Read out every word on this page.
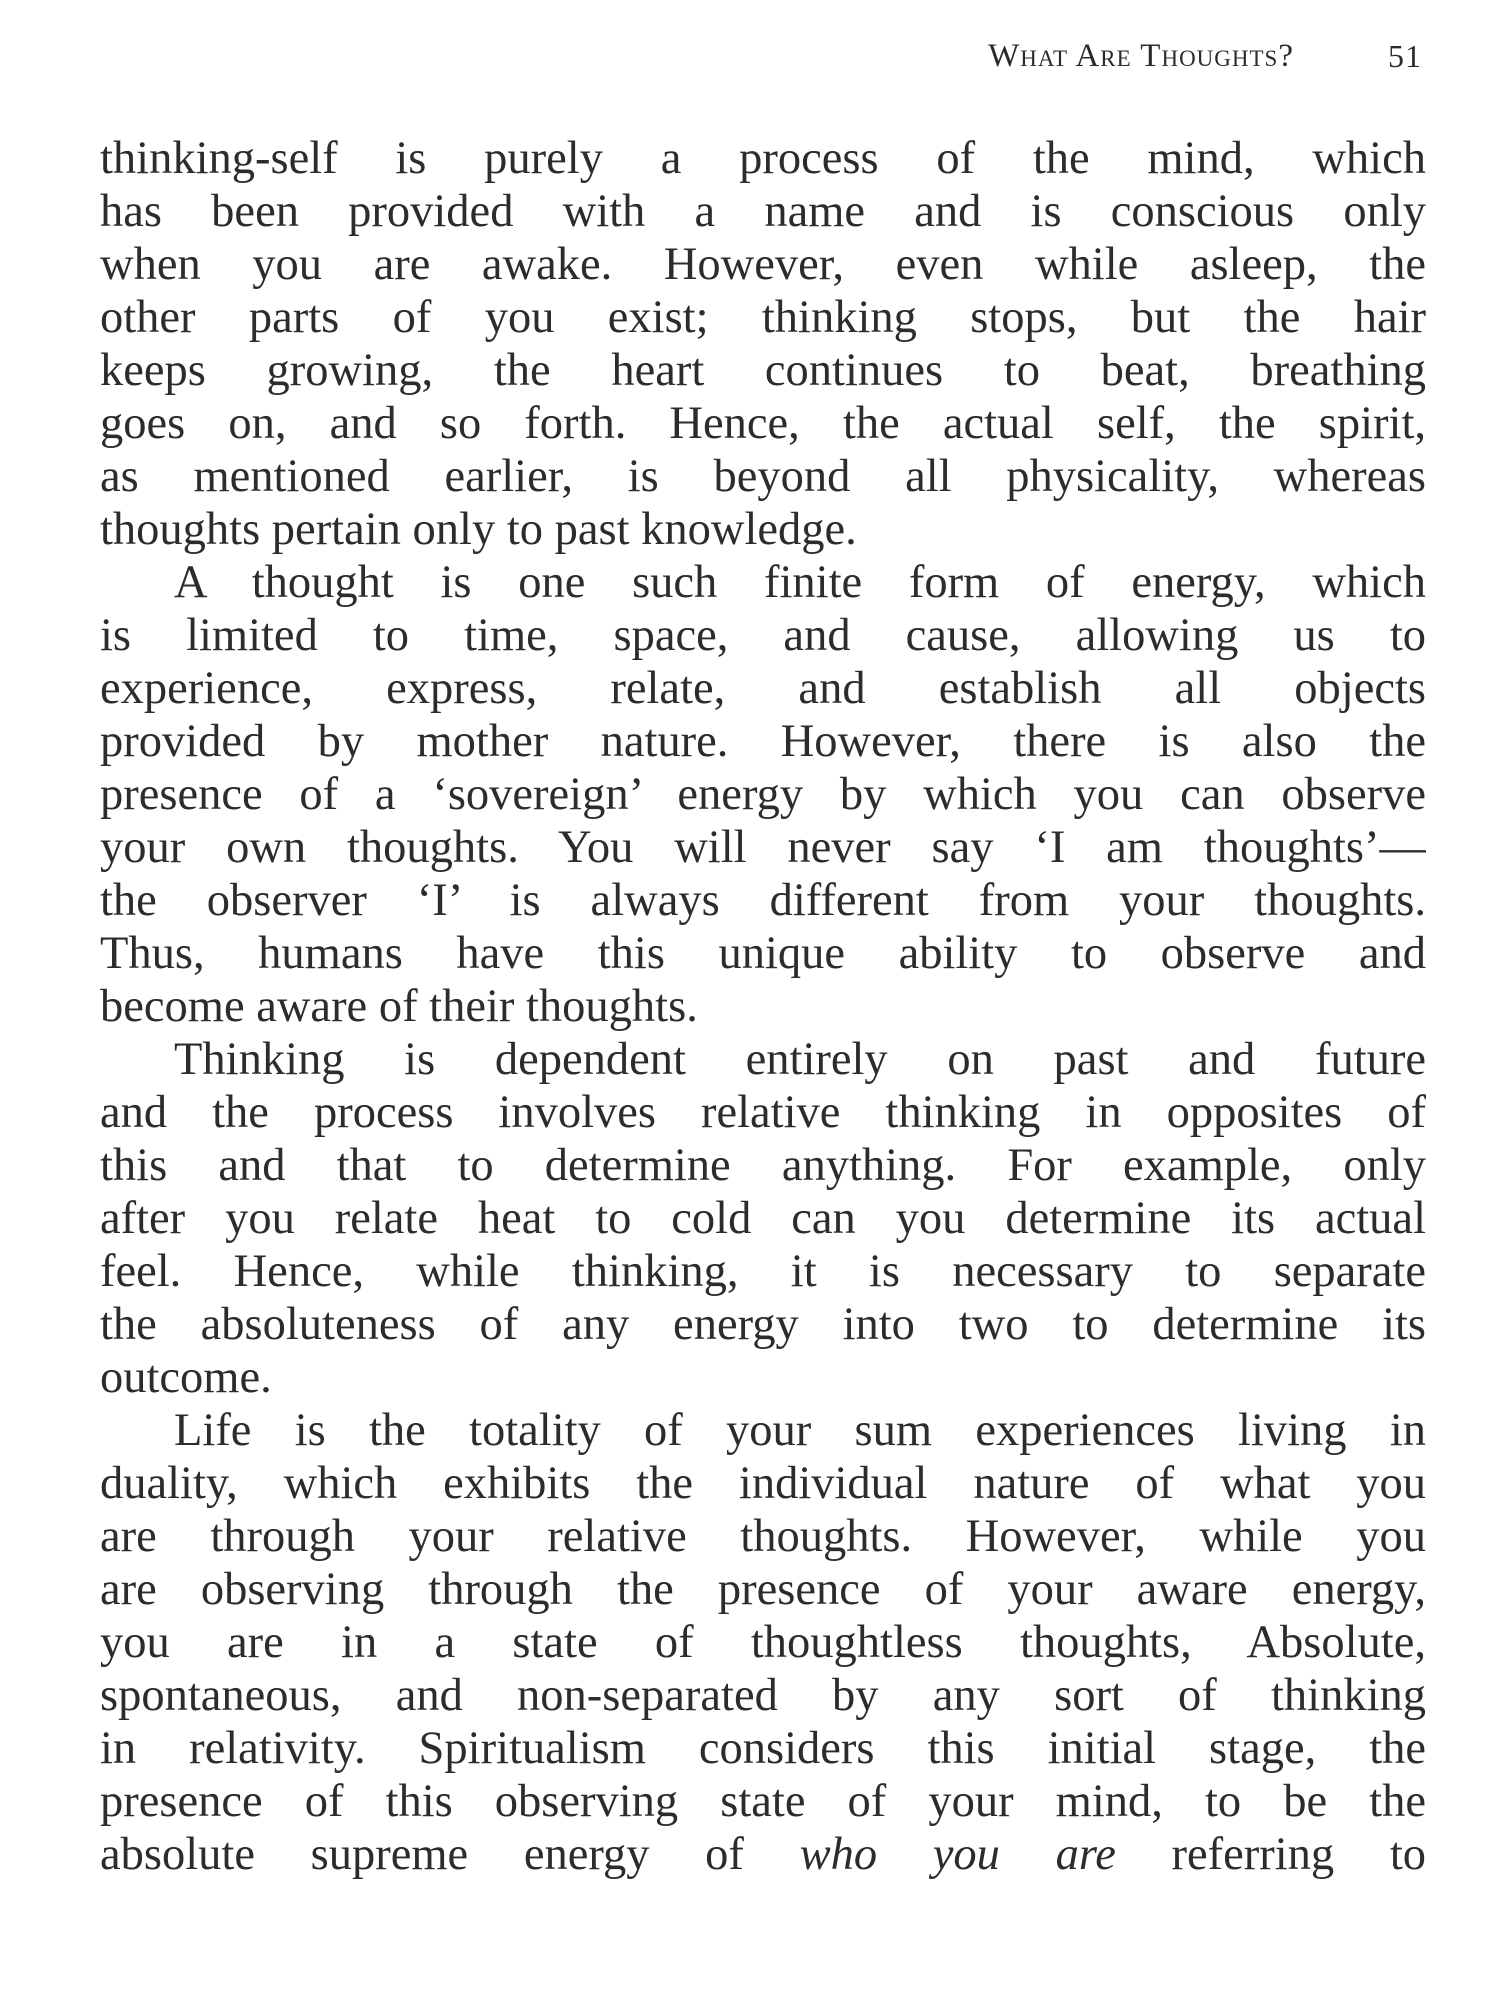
What Are Thoughts?	51

thinking-self is purely a process of the mind, which
has been provided with a name and is conscious only
when you are awake. However, even while asleep, the
other parts of you exist; thinking stops, but the hair
keeps growing, the heart continues to beat, breathing
goes on, and so forth. Hence, the actual self, the spirit,
as mentioned earlier, is beyond all physicality, whereas
thoughts pertain only to past knowledge.

A thought is one such finite form of energy, which
is limited to time, space, and cause, allowing us to
experience, express, relate, and establish all objects
provided by mother nature. However, there is also the
presence of a ‘sovereign’ energy by which you can observe
your own thoughts. You will never say ‘I am thoughts’—
the observer ‘I’ is always different from your thoughts.
Thus, humans have this unique ability to observe and
become aware of their thoughts.

Thinking is dependent entirely on past and future
and the process involves relative thinking in opposites of
this and that to determine anything. For example, only
after you relate heat to cold can you determine its actual
feel. Hence, while thinking, it is necessary to separate
the absoluteness of any energy into two to determine its
outcome.

Life is the totality of your sum experiences living in
duality, which exhibits the individual nature of what you
are through your relative thoughts. However, while you
are observing through the presence of your aware energy,
you are in a state of thoughtless thoughts, Absolute,
spontaneous, and non-separated by any sort of thinking
in relativity. Spiritualism considers this initial stage, the
presence of this observing state of your mind, to be the
absolute supreme energy of who you are referring to
